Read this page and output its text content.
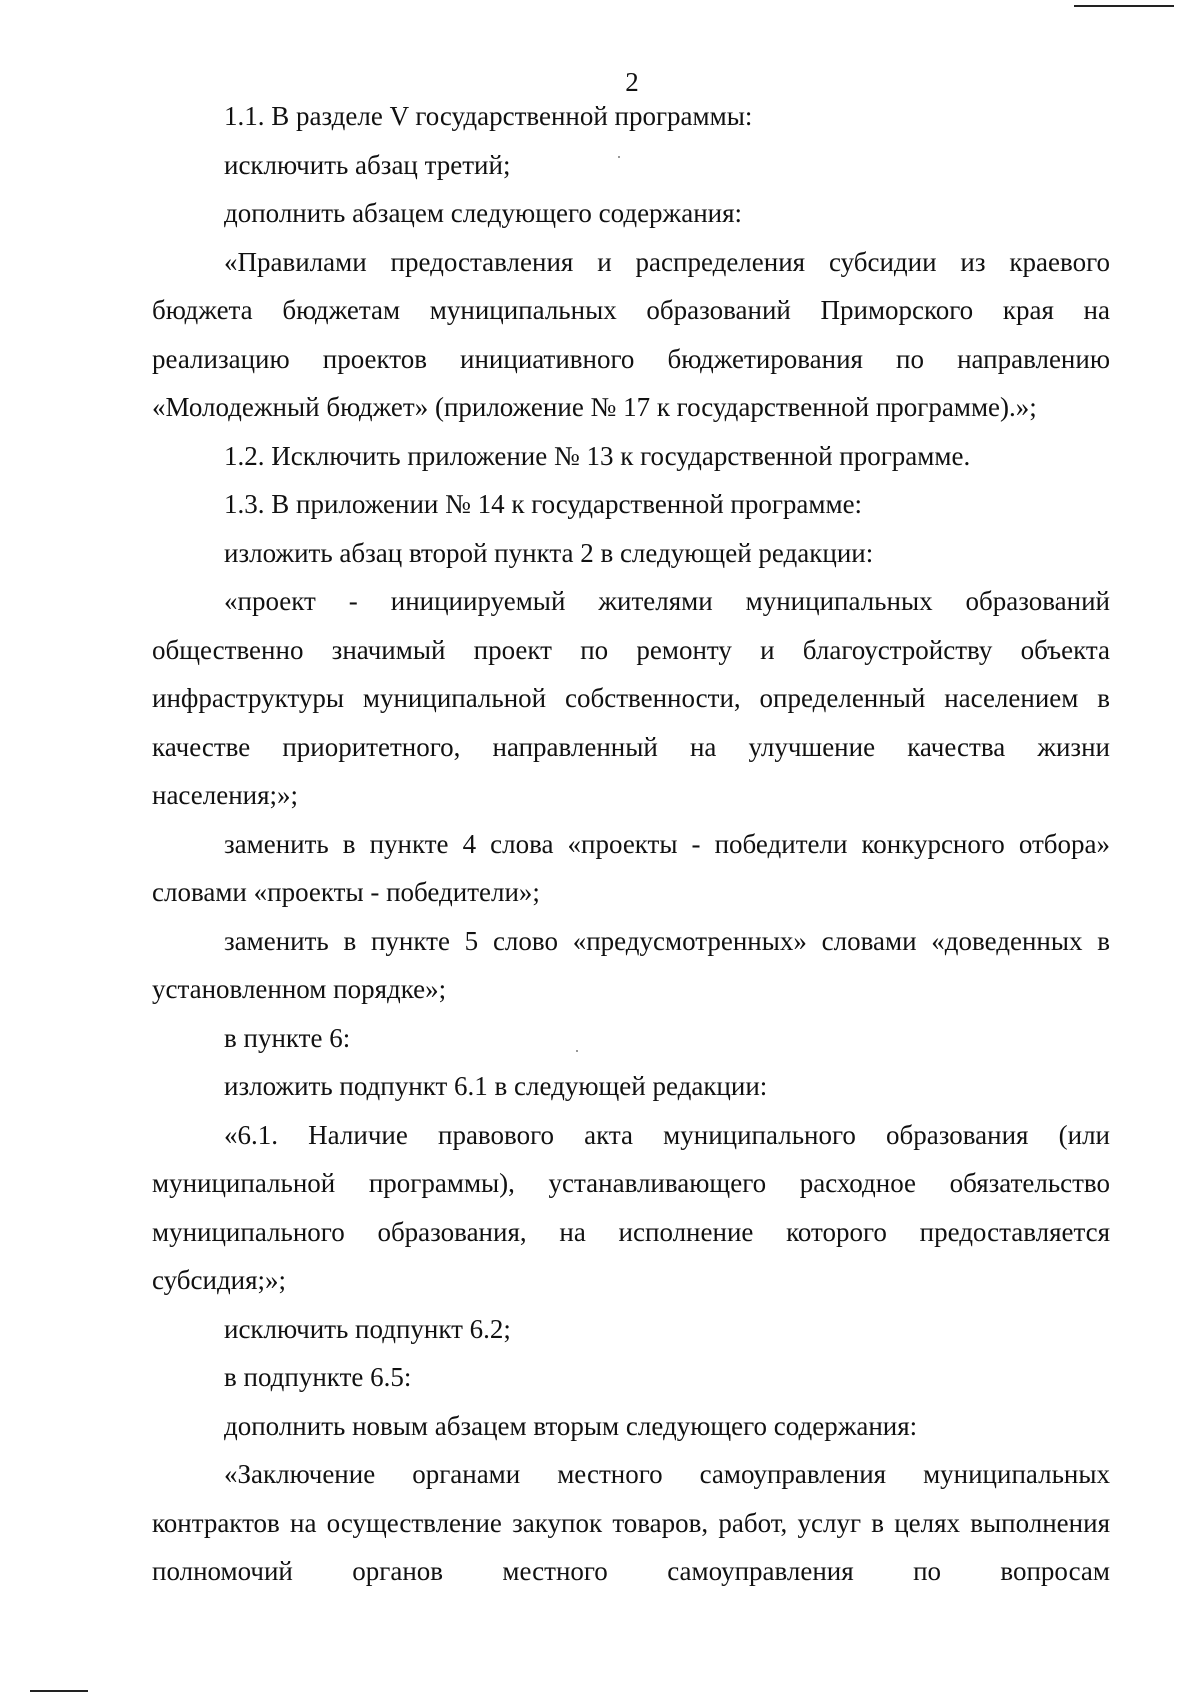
2

1.1. В разделе V государственной программы:

исключить абзац третий;

дополнить абзацем следующего содержания:

«Правилами предоставления и распределения субсидии из краевого бюджета бюджетам муниципальных образований Приморского края на реализацию проектов инициативного бюджетирования по направлению «Молодежный бюджет» (приложение № 17 к государственной программе).»;

1.2. Исключить приложение № 13 к государственной программе.

1.3. В приложении № 14 к государственной программе:

изложить абзац второй пункта 2 в следующей редакции:

«проект - инициируемый жителями муниципальных образований общественно значимый проект по ремонту и благоустройству объекта инфраструктуры муниципальной собственности, определенный населением в качестве приоритетного, направленный на улучшение качества жизни населения;»;

заменить в пункте 4 слова «проекты - победители конкурсного отбора» словами «проекты - победители»;

заменить в пункте 5 слово «предусмотренных» словами «доведенных в установленном порядке»;

в пункте 6:

изложить подпункт 6.1 в следующей редакции:

«6.1. Наличие правового акта муниципального образования (или муниципальной программы), устанавливающего расходное обязательство муниципального образования, на исполнение которого предоставляется субсидия;»;

исключить подпункт 6.2;

в подпункте 6.5:

дополнить новым абзацем вторым следующего содержания:

«Заключение органами местного самоуправления муниципальных контрактов на осуществление закупок товаров, работ, услуг в целях выполнения полномочий органов местного самоуправления по вопросам
